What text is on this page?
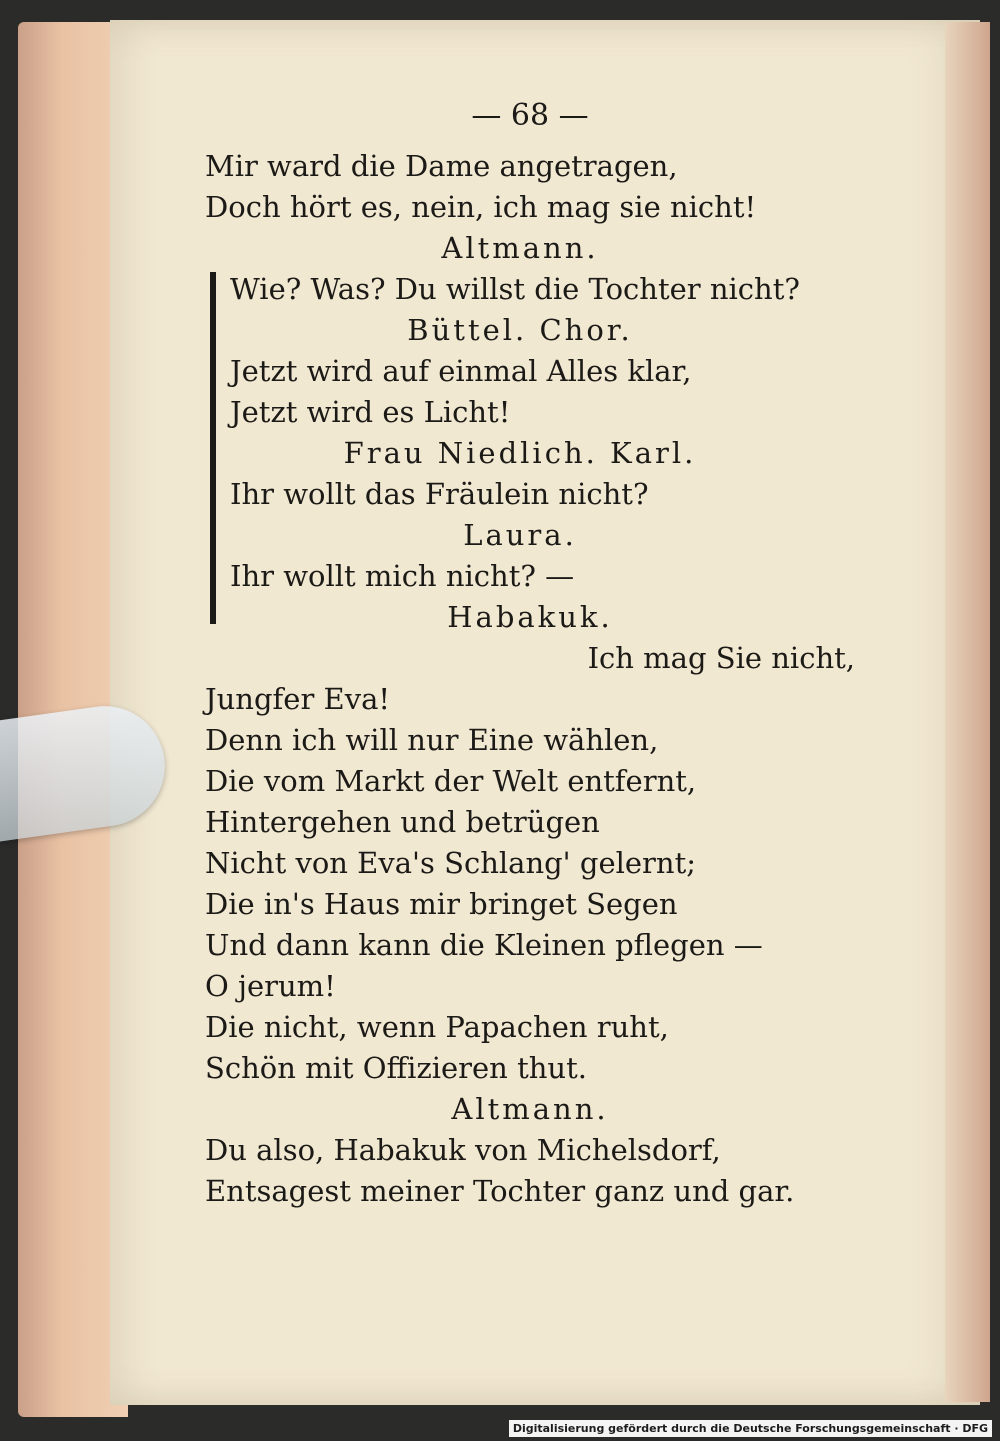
— 68 —
Mir ward die Dame angetragen,
Doch hört es, nein, ich mag sie nicht!
Altmann.
Wie? Was? Du willst die Tochter nicht?
Büttel. Chor.
Jetzt wird auf einmal Alles klar,
Jetzt wird es Licht!
Frau Niedlich. Karl.
Ihr wollt das Fräulein nicht?
Laura.
Ihr wollt mich nicht? —
Habakuk.
Ich mag Sie nicht,
Jungfer Eva!
Denn ich will nur Eine wählen,
Die vom Markt der Welt entfernt,
Hintergehen und betrügen
Nicht von Eva's Schlang' gelernt;
Die in's Haus mir bringet Segen
Und dann kann die Kleinen pflegen —
O jerum!
Die nicht, wenn Papachen ruht,
Schön mit Offizieren thut.
Altmann.
Du also, Habakuk von Michelsdorf,
Entsagest meiner Tochter ganz und gar.
Digitalisierung gefördert durch die Deutsche Forschungsgemeinschaft · DFG
